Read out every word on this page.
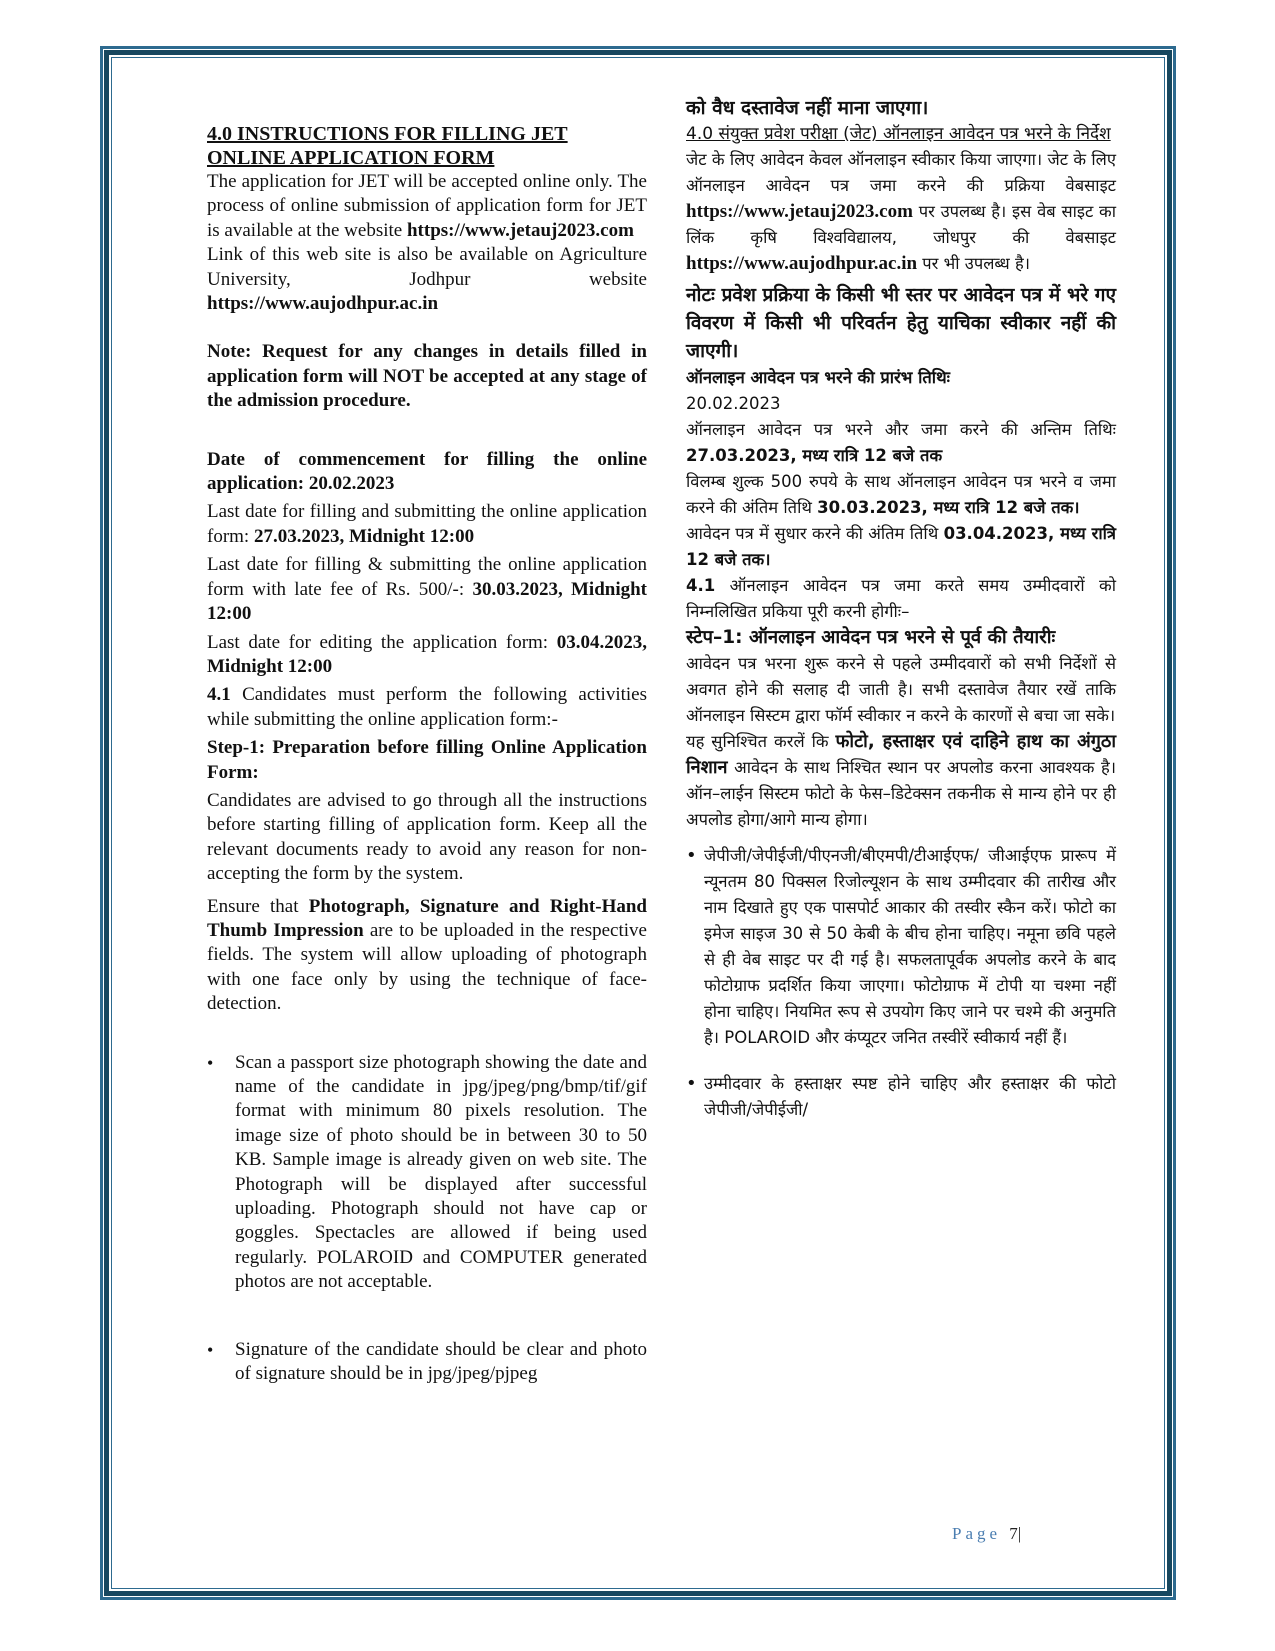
4.0 INSTRUCTIONS FOR FILLING JET ONLINE APPLICATION FORM

The application for JET will be accepted online only. The process of online submission of application form for JET is available at the website https://www.jetauj2023.com

Link of this web site is also be available on Agriculture University, Jodhpur website https://www.aujodhpur.ac.in

Note: Request for any changes in details filled in application form will NOT be accepted at any stage of the admission procedure.

Date of commencement for filling the online application: 20.02.2023

Last date for filling and submitting the online application form: 27.03.2023, Midnight 12:00

Last date for filling & submitting the online application form with late fee of Rs. 500/-: 30.03.2023, Midnight 12:00

Last date for editing the application form: 03.04.2023, Midnight 12:00

4.1 Candidates must perform the following activities while submitting the online application form:-

Step-1: Preparation before filling Online Application Form:

Candidates are advised to go through all the instructions before starting filling of application form. Keep all the relevant documents ready to avoid any reason for non-accepting the form by the system.

Ensure that Photograph, Signature and Right-Hand Thumb Impression are to be uploaded in the respective fields. The system will allow uploading of photograph with one face only by using the technique of face-detection.

• Scan a passport size photograph showing the date and name of the candidate in jpg/jpeg/png/bmp/tif/gif format with minimum 80 pixels resolution. The image size of photo should be in between 30 to 50 KB. Sample image is already given on web site. The Photograph will be displayed after successful uploading. Photograph should not have cap or goggles. Spectacles are allowed if being used regularly. POLAROID and COMPUTER generated photos are not acceptable.
• Signature of the candidate should be clear and photo of signature should be in jpg/jpeg/pjpeg

को वैध दस्तावेज नहीं माना जाएगा।

4.0 संयुक्त प्रवेश परीक्षा (जेट) ऑनलाइन आवेदन पत्र भरने के निर्देश

जेट के लिए आवेदन केवल ऑनलाइन स्वीकार किया जाएगा। जेट के लिए ऑनलाइन आवेदन पत्र जमा करने की प्रक्रिया वेबसाइट https://www.jetauj2023.com पर उपलब्ध है। इस वेब साइट का लिंक कृषि विश्वविद्यालय, जोधपुर की वेबसाइट https://www.aujodhpur.ac.in पर भी उपलब्ध है।

नोटः प्रवेश प्रक्रिया के किसी भी स्तर पर आवेदन पत्र में भरे गए विवरण में किसी भी परिवर्तन हेतु याचिका स्वीकार नहीं की जाएगी।

ऑनलाइन आवेदन पत्र भरने की प्रारंभ तिथिः

20.02.2023

ऑनलाइन आवेदन पत्र भरने और जमा करने की अन्तिम तिथिः 27.03.2023, मध्य रात्रि 12 बजे तक

विलम्ब शुल्क 500 रुपये के साथ ऑनलाइन आवेदन पत्र भरने व जमा करने की अंतिम तिथि 30.03.2023, मध्य रात्रि 12 बजे तक।

आवेदन पत्र में सुधार करने की अंतिम तिथि 03.04.2023, मध्य रात्रि 12 बजे तक।

4.1 ऑनलाइन आवेदन पत्र जमा करते समय उम्मीदवारों को निम्नलिखित प्रकिया पूरी करनी होगीः–

स्टेप–1: ऑनलाइन आवेदन पत्र भरने से पूर्व की तैयारीः

आवेदन पत्र भरना शुरू करने से पहले उम्मीदवारों को सभी निर्देशों से अवगत होने की सलाह दी जाती है। सभी दस्तावेज तैयार रखें ताकि ऑनलाइन सिस्टम द्वारा फॉर्म स्वीकार न करने के कारणों से बचा जा सके।

यह सुनिश्चित करलें कि फोटो, हस्ताक्षर एवं दाहिने हाथ का अंगुठा निशान आवेदन के साथ निश्चित स्थान पर अपलोड करना आवश्यक है। ऑन–लाईन सिस्टम फोटो के फेस–डिटेक्सन तकनीक से मान्य होने पर ही अपलोड होगा/आगे मान्य होगा।

• जेपीजी/जेपीईजी/पीएनजी/बीएमपी/टीआईएफ/ जीआईएफ प्रारूप में न्यूनतम 80 पिक्सल रिजोल्यूशन के साथ उम्मीदवार की तारीख और नाम दिखाते हुए एक पासपोर्ट आकार की तस्वीर स्कैन करें। फोटो का इमेज साइज 30 से 50 केबी के बीच होना चाहिए। नमूना छवि पहले से ही वेब साइट पर दी गई है। सफलतापूर्वक अपलोड करने के बाद फोटोग्राफ प्रदर्शित किया जाएगा। फोटोग्राफ में टोपी या चश्मा नहीं होना चाहिए। नियमित रूप से उपयोग किए जाने पर चश्मे की अनुमति है। POLAROID और कंप्यूटर जनित तस्वीरें स्वीकार्य नहीं हैं।
• उम्मीदवार के हस्ताक्षर स्पष्ट होने चाहिए और हस्ताक्षर की फोटो जेपीजी/जेपीईजी/
Page 7|
